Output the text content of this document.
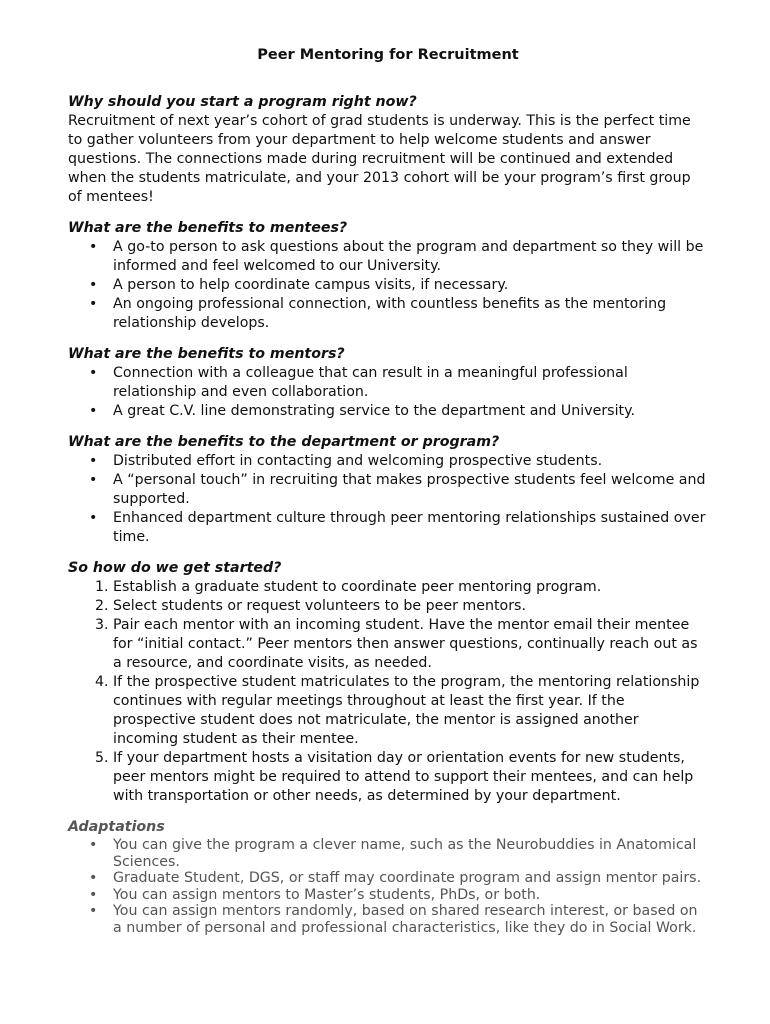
Peer Mentoring for Recruitment

Why should you start a program right now?

Recruitment of next year’s cohort of grad students is underway. This is the perfect time to gather volunteers from your department to help welcome students and answer questions. The connections made during recruitment will be continued and extended when the students matriculate, and your 2013 cohort will be your program’s first group of mentees!

What are the benefits to mentees?

• A go-to person to ask questions about the program and department so they will be informed and feel welcomed to our University.
• A person to help coordinate campus visits, if necessary.
• An ongoing professional connection, with countless benefits as the mentoring relationship develops.

What are the benefits to mentors?

• Connection with a colleague that can result in a meaningful professional relationship and even collaboration.
• A great C.V. line demonstrating service to the department and University.

What are the benefits to the department or program?

• Distributed effort in contacting and welcoming prospective students.
• A “personal touch” in recruiting that makes prospective students feel welcome and supported.
• Enhanced department culture through peer mentoring relationships sustained over time.

So how do we get started?

1. Establish a graduate student to coordinate peer mentoring program.
2. Select students or request volunteers to be peer mentors.
3. Pair each mentor with an incoming student. Have the mentor email their mentee for “initial contact.” Peer mentors then answer questions, continually reach out as a resource, and coordinate visits, as needed.
4. If the prospective student matriculates to the program, the mentoring relationship continues with regular meetings throughout at least the first year. If the prospective student does not matriculate, the mentor is assigned another incoming student as their mentee.
5. If your department hosts a visitation day or orientation events for new students, peer mentors might be required to attend to support their mentees, and can help with transportation or other needs, as determined by your department.

Adaptations

• You can give the program a clever name, such as the Neurobuddies in Anatomical Sciences.
• Graduate Student, DGS, or staff may coordinate program and assign mentor pairs.
• You can assign mentors to Master’s students, PhDs, or both.
• You can assign mentors randomly, based on shared research interest, or based on a number of personal and professional characteristics, like they do in Social Work.
